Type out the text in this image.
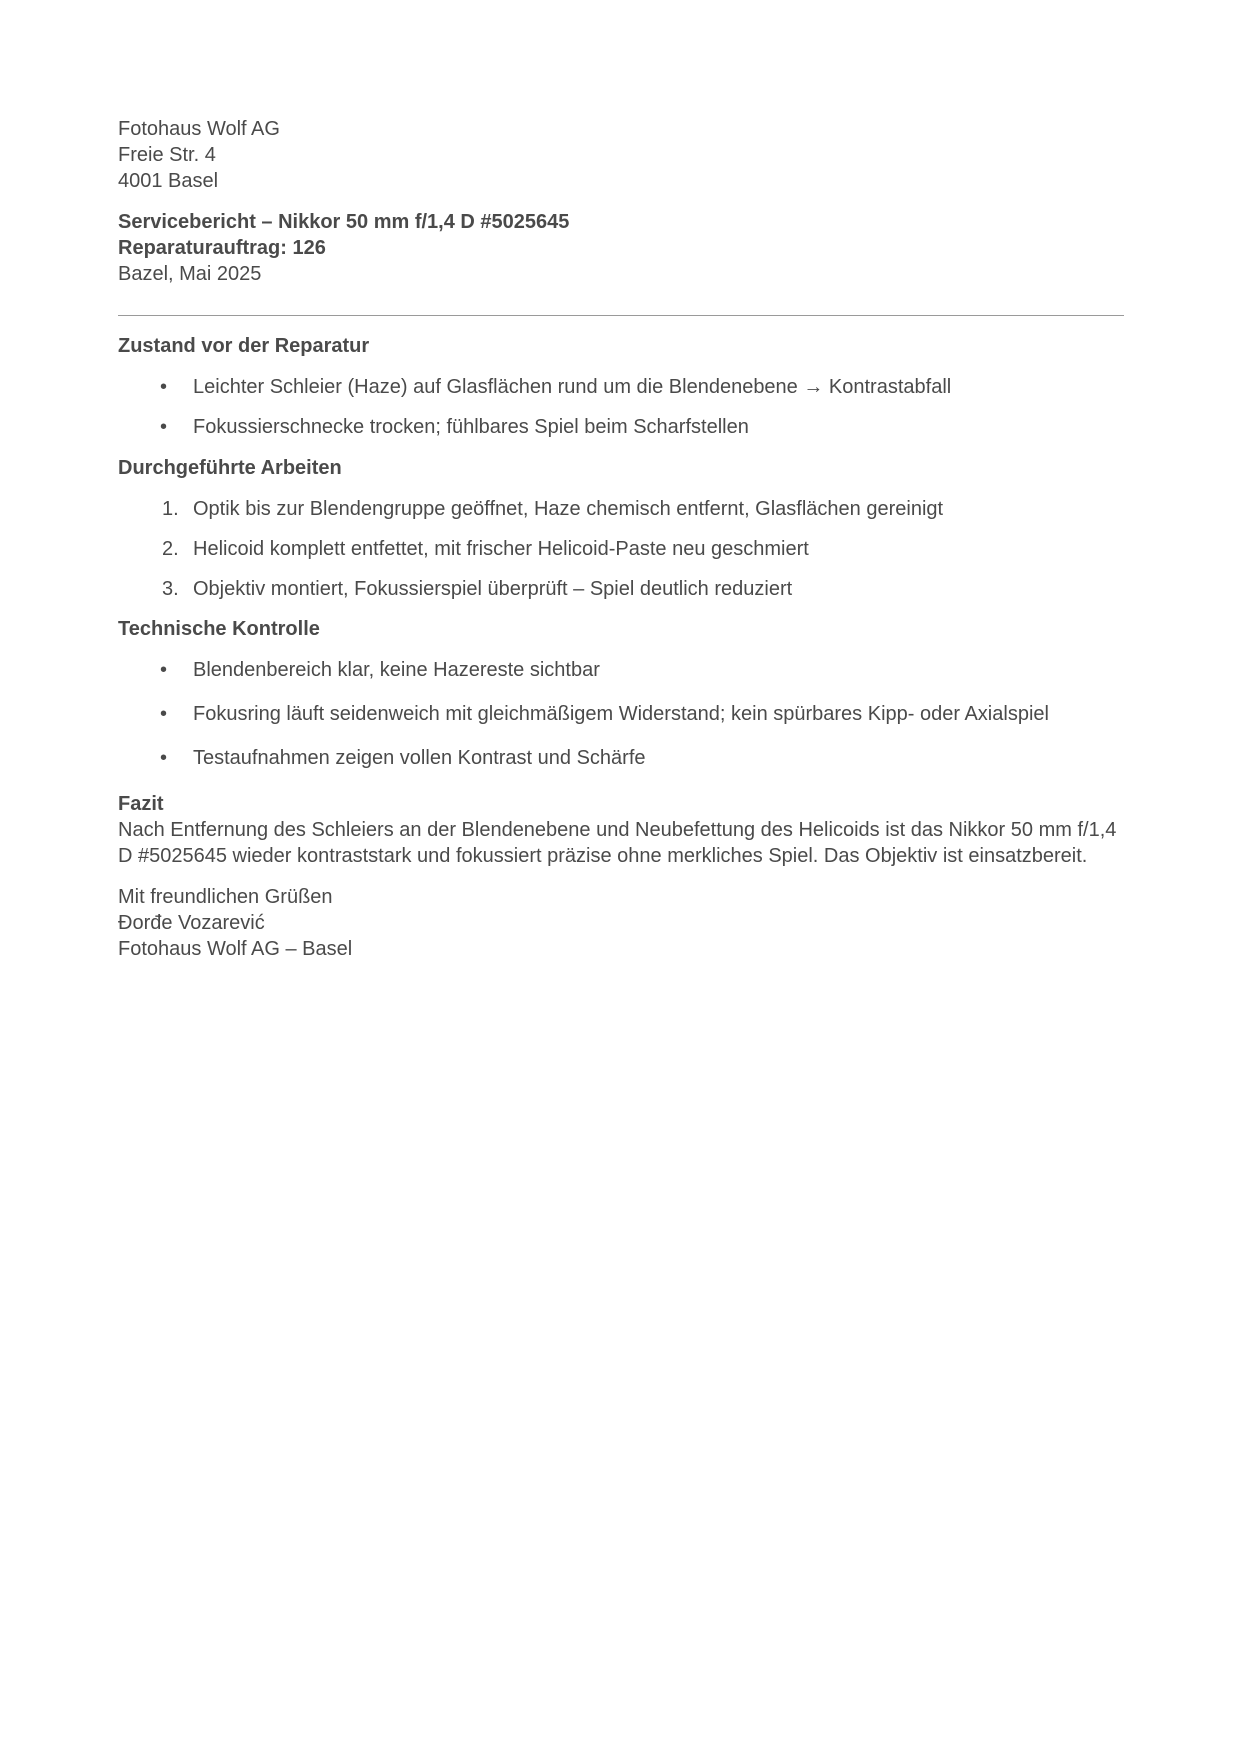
Fotohaus Wolf AG
Freie Str. 4
4001 Basel
Servicebericht – Nikkor 50 mm f/1,4 D #5025645
Reparaturauftrag: 126
Bazel, Mai 2025
Zustand vor der Reparatur
•	Leichter Schleier (Haze) auf Glasflächen rund um die Blendenebene → Kontrastabfall
•	Fokussierschnecke trocken; fühlbares Spiel beim Scharfstellen
Durchgeführte Arbeiten
1. Optik bis zur Blendengruppe geöffnet, Haze chemisch entfernt, Glasflächen gereinigt
2. Helicoid komplett entfettet, mit frischer Helicoid-Paste neu geschmiert
3. Objektiv montiert, Fokussierspiel überprüft – Spiel deutlich reduziert
Technische Kontrolle
•	Blendenbereich klar, keine Hazereste sichtbar
•	Fokusring läuft seidenweich mit gleichmäßigem Widerstand; kein spürbares Kipp- oder Axialspiel
•	Testaufnahmen zeigen vollen Kontrast und Schärfe
Fazit
Nach Entfernung des Schleiers an der Blendenebene und Neubefettung des Helicoids ist das Nikkor 50 mm f/1,4 D #5025645 wieder kontraststark und fokussiert präzise ohne merkliches Spiel. Das Objektiv ist einsatzbereit.
Mit freundlichen Grüßen
Đorđe Vozarević
Fotohaus Wolf AG – Basel
